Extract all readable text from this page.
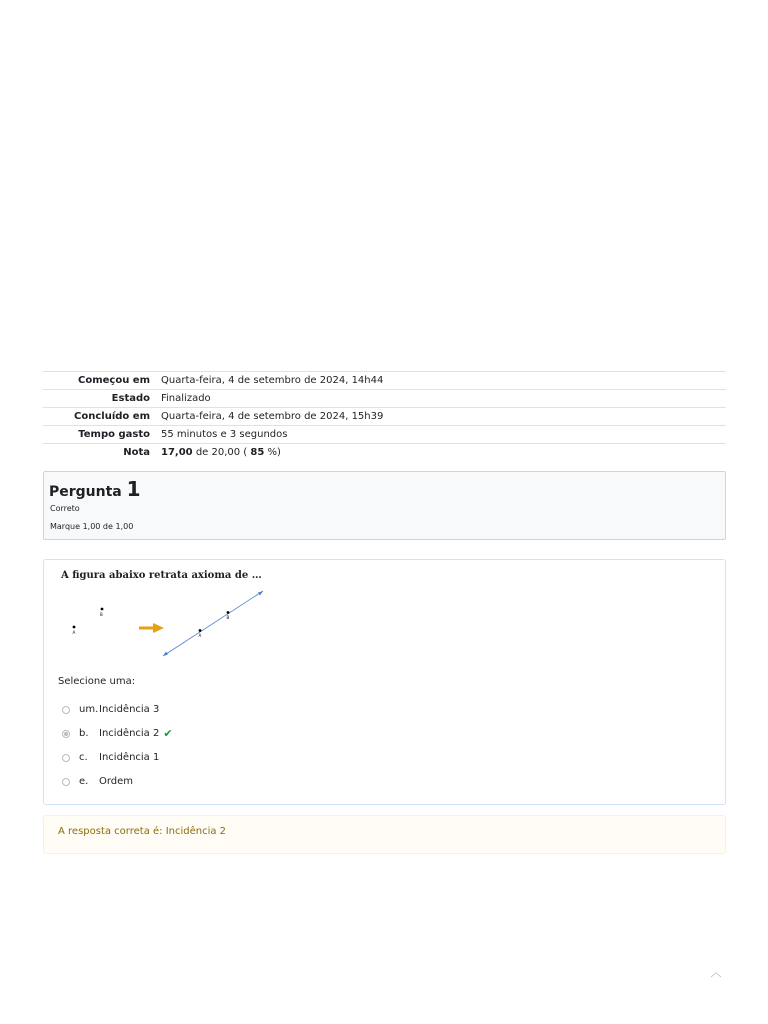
Começou em	Quarta-feira, 4 de setembro de 2024, 14h44
Estado	Finalizado
Concluído em	Quarta-feira, 4 de setembro de 2024, 15h39
Tempo gasto	55 minutos e 3 segundos
Nota	17,00 de 20,00 ( 85 %)
Pergunta 1
Correto
Marque 1,00 de 1,00
A figura abaixo retrata axioma de …
B
A
A
B
Selecione uma:
um. Incidência 3
b.	Incidência 2 ✔
c.	Incidência 1
e.	Ordem
A resposta correta é: Incidência 2
︿
